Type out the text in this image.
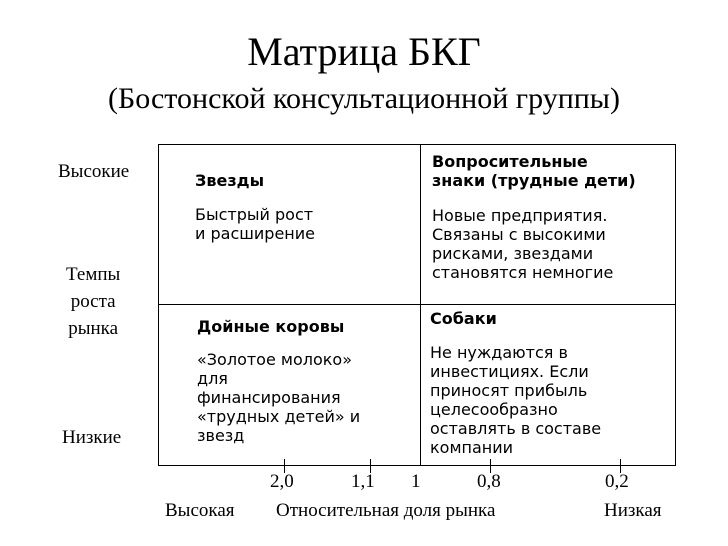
Матрица БКГ
(Бостонской консультационной группы)
Высокие
Темпы
роста
рынка
Низкие
Звезды
Быстрый рост
и расширение
Вопросительные
знаки (трудные дети)
Новые предприятия.
Связаны с высокими
рисками, звездами
становятся немногие
Дойные коровы
«Золотое молоко»
для
финансирования
«трудных детей» и
звезд
Собаки
Не нуждаются в
инвестициях. Если
приносят прибыль
целесообразно
оставлять в составе
компании
2,0	1,1 1	0,8	0,2
Высокая Относительная доля рынка	Низкая
